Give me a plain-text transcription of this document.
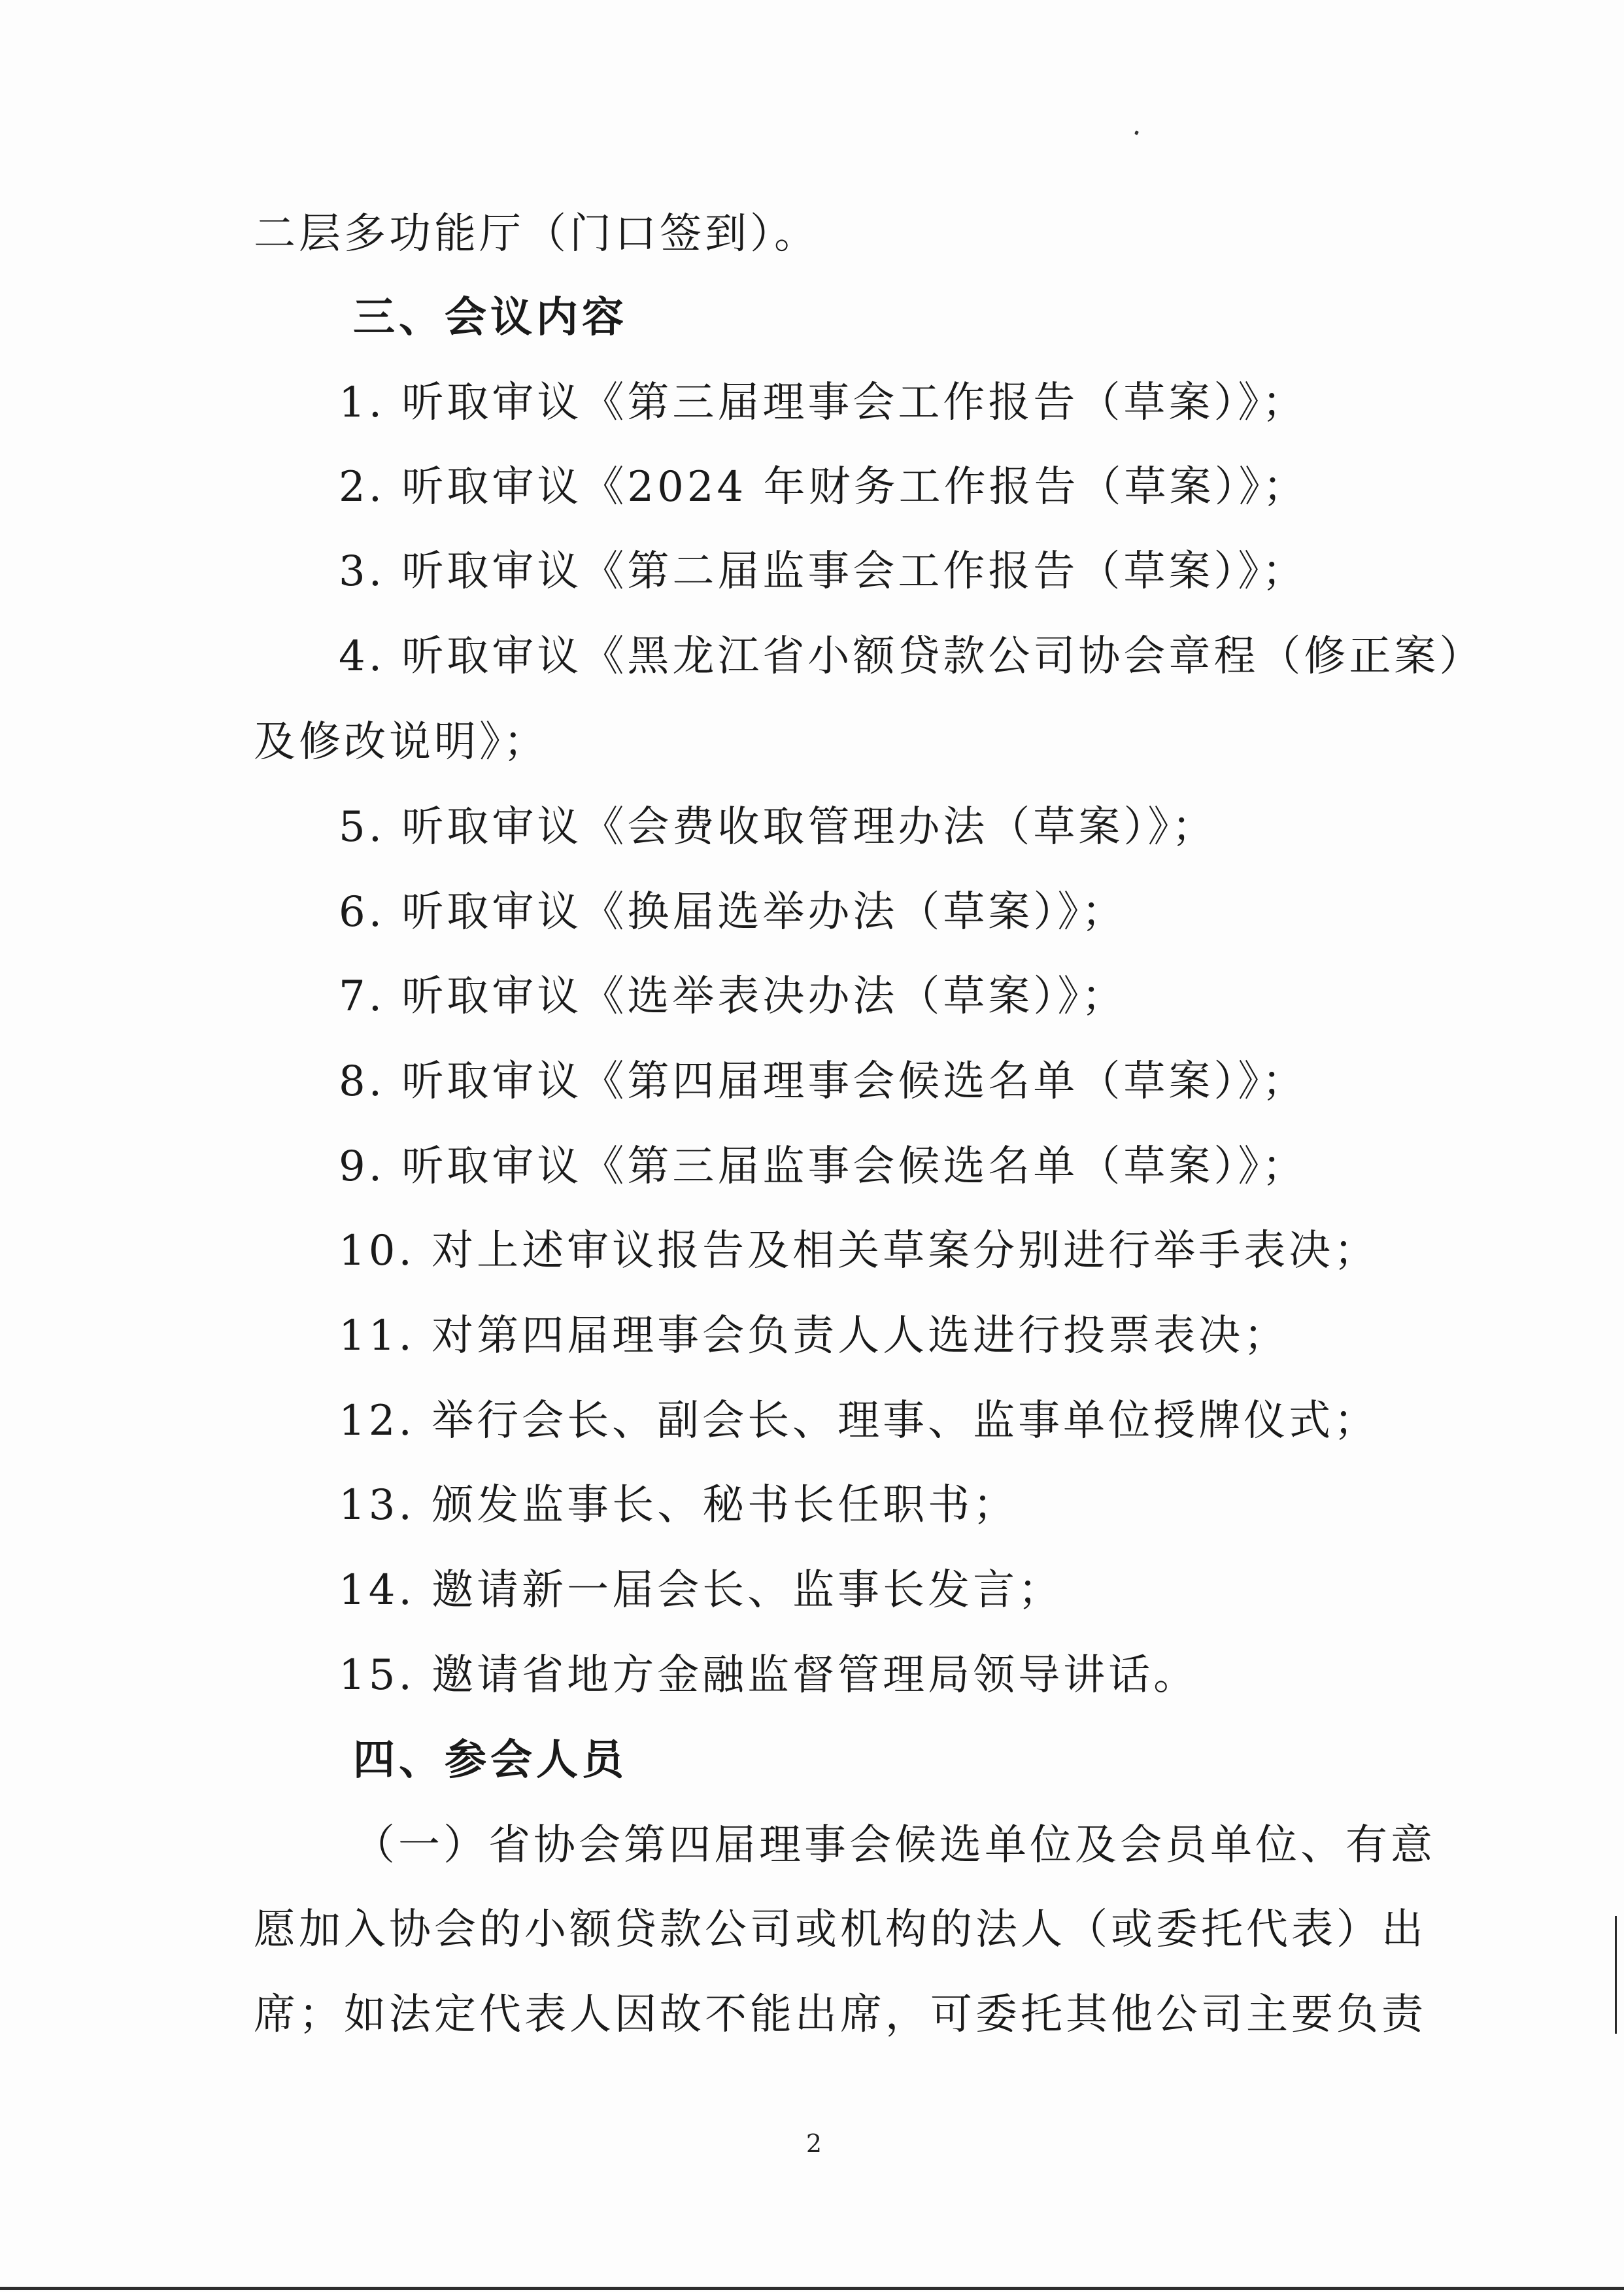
二层多功能厅（门口签到）。
三、会议内容
1. 听取审议《第三届理事会工作报告（草案）》；
2. 听取审议《2024 年财务工作报告（草案）》；
3. 听取审议《第二届监事会工作报告（草案）》；
4. 听取审议《黑龙江省小额贷款公司协会章程（修正案）
及修改说明》；
5. 听取审议《会费收取管理办法（草案）》；
6. 听取审议《换届选举办法（草案）》；
7. 听取审议《选举表决办法（草案）》；
8. 听取审议《第四届理事会候选名单（草案）》；
9. 听取审议《第三届监事会候选名单（草案）》；
10. 对上述审议报告及相关草案分别进行举手表决；
11. 对第四届理事会负责人人选进行投票表决；
12. 举行会长、副会长、理事、监事单位授牌仪式；
13. 颁发监事长、秘书长任职书；
14. 邀请新一届会长、监事长发言；
15. 邀请省地方金融监督管理局领导讲话。
四、参会人员
（一）省协会第四届理事会候选单位及会员单位、有意
愿加入协会的小额贷款公司或机构的法人（或委托代表）出
席；如法定代表人因故不能出席，可委托其他公司主要负责
2
